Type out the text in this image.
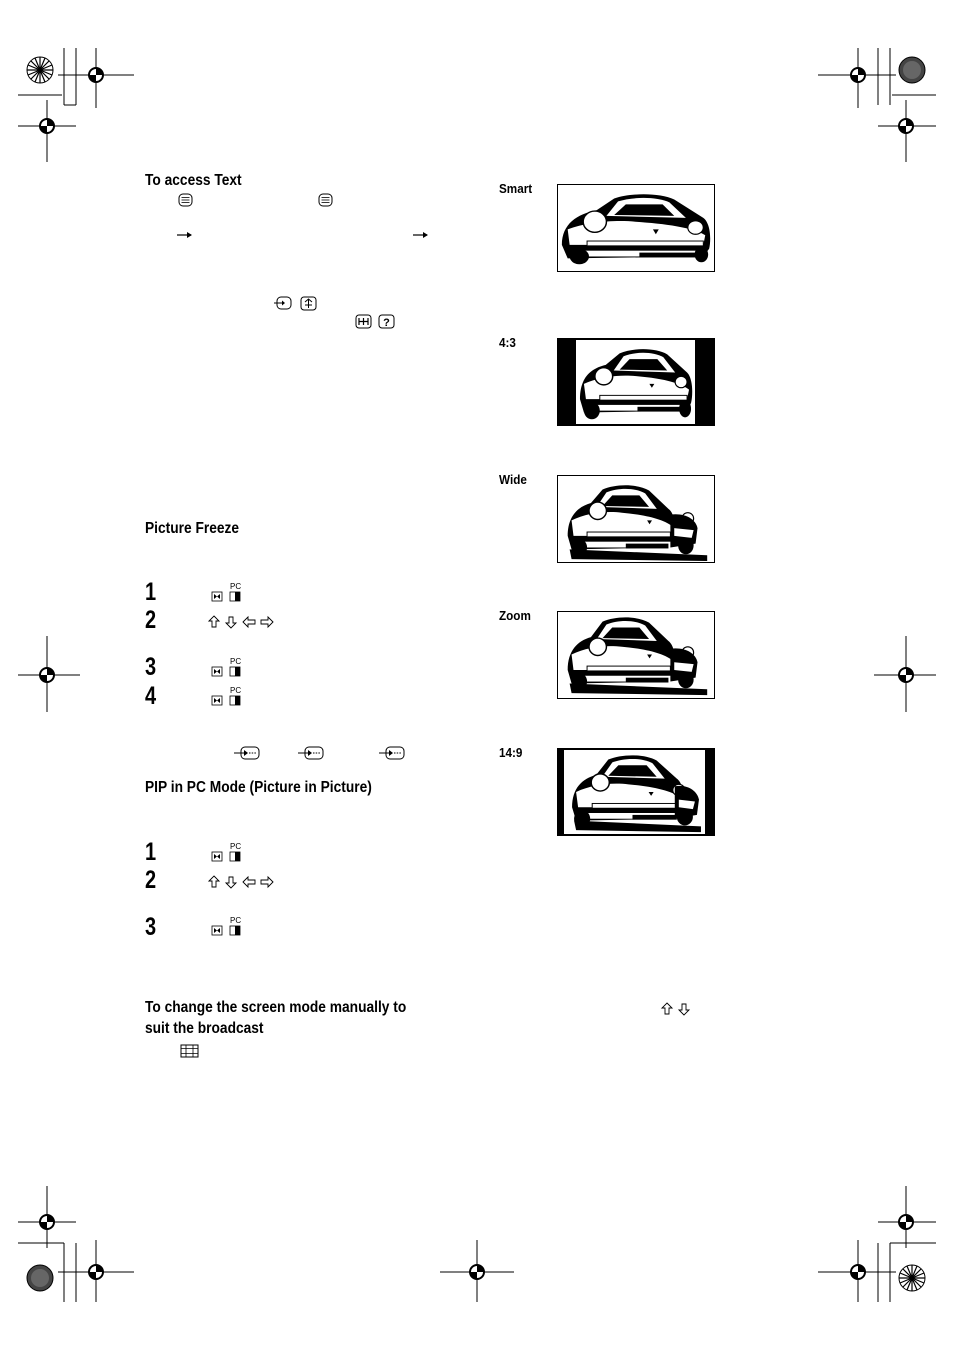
To access Text
?
Picture Freeze
1
2
3
4
PC
PC
PC
PIP in PC Mode (Picture in Picture)
1
2
3
PC
PC
To change the screen mode manually to
suit the broadcast
Smart
4:3
Wide
Zoom
14:9
